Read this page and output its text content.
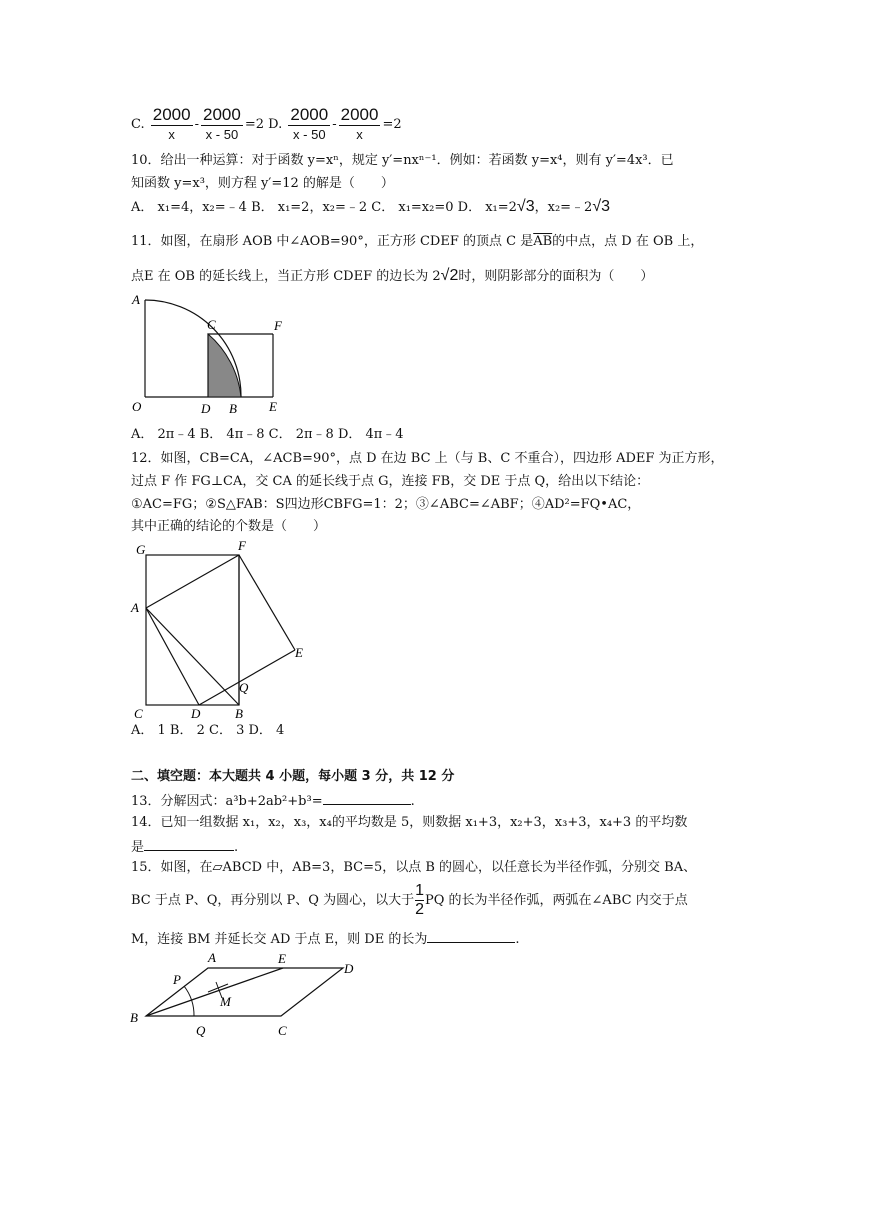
C. $\frac{2000}{x} - \frac{2000}{x - 50} =2$ D. $\frac{2000}{x - 50} - \frac{2000}{x} =2$
10．给出一种运算：对于函数 y=xⁿ，规定 y′=nxⁿ⁻¹．例如：若函数 y=x⁴，则有 y′=4x³．已
知函数 y=x³，则方程 y′=12 的解是（　　）
A． x₁=4，x₂=﹣4 B． x₁=2，x₂=﹣2 C． x₁=x₂=0 D． x₁=2√3，x₂=﹣2√3
11．如图，在扇形 AOB 中∠AOB=90°，正方形 CDEF 的顶点 C 是$\overline{AB}$的中点，点 D 在 OB 上，
点E 在 OB 的延长线上，当正方形 CDEF 的边长为 2√2时，则阴影部分的面积为（　　）
A
C	F
O	D B E
A． 2π﹣4 B． 4π﹣8 C． 2π﹣8 D． 4π﹣4
12．如图，CB=CA，∠ACB=90°，点 D 在边 BC 上（与 B、C 不重合），四边形 ADEF 为正方形，
过点 F 作 FG⊥CA，交 CA 的延长线于点 G，连接 FB，交 DE 于点 Q，给出以下结论：
①AC=FG；②S△FAB：S四边形CBFG=1：2；③∠ABC=∠ABF；④AD²=FQ•AC，
其中正确的结论的个数是（　　）
G	F
A
E
Q
C	D	B
A． 1 B． 2 C． 3 D． 4
二、填空题：本大题共 4 小题，每小题 3 分，共 12 分
13．分解因式：a³b+2ab²+b³=	.
14．已知一组数据 x₁，x₂，x₃，x₄的平均数是 5，则数据 x₁+3，x₂+3，x₃+3，x₄+3 的平均数
是	.
15．如图，在▱ABCD 中，AB=3，BC=5，以点 B 的圆心，以任意长为半径作弧，分别交 BA、
BC 于点 P、Q，再分别以 P、Q 为圆心，以大于 $\frac{1}{2}$ PQ 的长为半径作弧，两弧在∠ABC 内交于点
M，连接 BM 并延长交 AD 于点 E，则 DE 的长为	.
A	E
D
P
M
B
Q	C
